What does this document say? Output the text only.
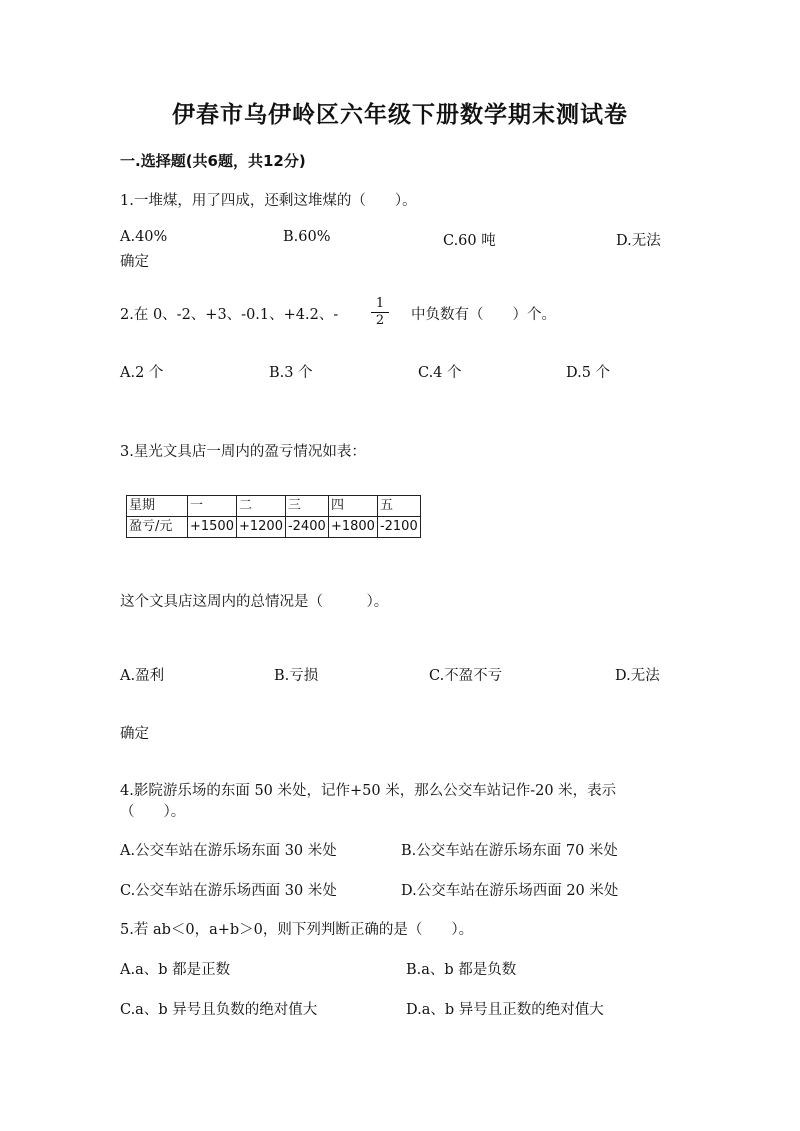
伊春市乌伊岭区六年级下册数学期末测试卷
一.选择题(共6题，共12分)
1.一堆煤，用了四成，还剩这堆煤的（　　）。
A.40%	B.60%	C.60 吨	D.无法
确定
2.在 0、-2、+3、-0.1、+4.2、-	$\frac{1}{2}$ 中负数有（　　）个。
A.2 个	B.3 个	C.4 个	D.5 个
3.星光文具店一周内的盈亏情况如表：
星期	一	二	三	四	五
盈亏/元	+1500	+1200	-2400	+1800	-2100
这个文具店这周内的总情况是（　　　）。
A.盈利	B.亏损	C.不盈不亏	D.无法
确定
4.影院游乐场的东面 50 米处，记作+50 米，那么公交车站记作-20 米，表示
（　　）。
A.公交车站在游乐场东面 30 米处	B.公交车站在游乐场东面 70 米处
C.公交车站在游乐场西面 30 米处	D.公交车站在游乐场西面 20 米处
5.若 ab＜0，a+b＞0，则下列判断正确的是（　　）。
A.a、b 都是正数	B.a、b 都是负数
C.a、b 异号且负数的绝对值大	D.a、b 异号且正数的绝对值大
